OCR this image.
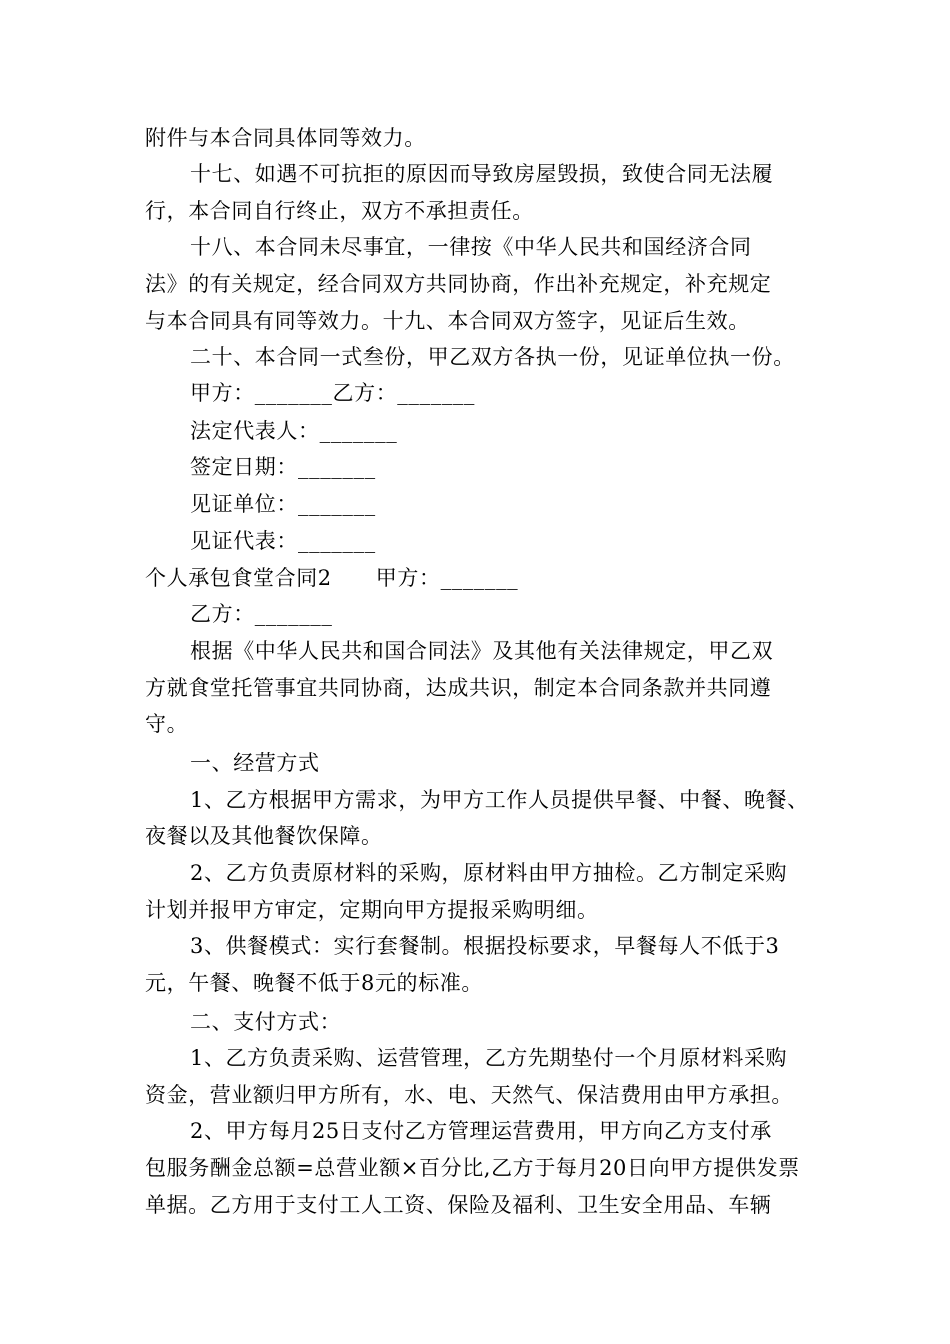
附件与本合同具体同等效力。
十七、如遇不可抗拒的原因而导致房屋毁损，致使合同无法履
行，本合同自行终止，双方不承担责任。
十八、本合同未尽事宜，一律按《中华人民共和国经济合同
法》的有关规定，经合同双方共同协商，作出补充规定，补充规定
与本合同具有同等效力。十九、本合同双方签字，见证后生效。
二十、本合同一式叁份，甲乙双方各执一份，见证单位执一份。
甲方：_______乙方：_______
法定代表人：_______
签定日期：_______
见证单位：_______
见证代表：_______
个人承包食堂合同2 甲方：_______
乙方：_______
根据《中华人民共和国合同法》及其他有关法律规定，甲乙双
方就食堂托管事宜共同协商，达成共识，制定本合同条款并共同遵
守。
一、经营方式
1、乙方根据甲方需求，为甲方工作人员提供早餐、中餐、晚餐、
夜餐以及其他餐饮保障。
2、乙方负责原材料的采购，原材料由甲方抽检。乙方制定采购
计划并报甲方审定，定期向甲方提报采购明细。
3、供餐模式：实行套餐制。根据投标要求，早餐每人不低于3
元，午餐、晚餐不低于8元的标准。
二、支付方式：
1、乙方负责采购、运营管理，乙方先期垫付一个月原材料采购
资金，营业额归甲方所有，水、电、天然气、保洁费用由甲方承担。
2、甲方每月25日支付乙方管理运营费用，甲方向乙方支付承
包服务酬金总额=总营业额×百分比,乙方于每月20日向甲方提供发票
单据。乙方用于支付工人工资、保险及福利、卫生安全用品、车辆
